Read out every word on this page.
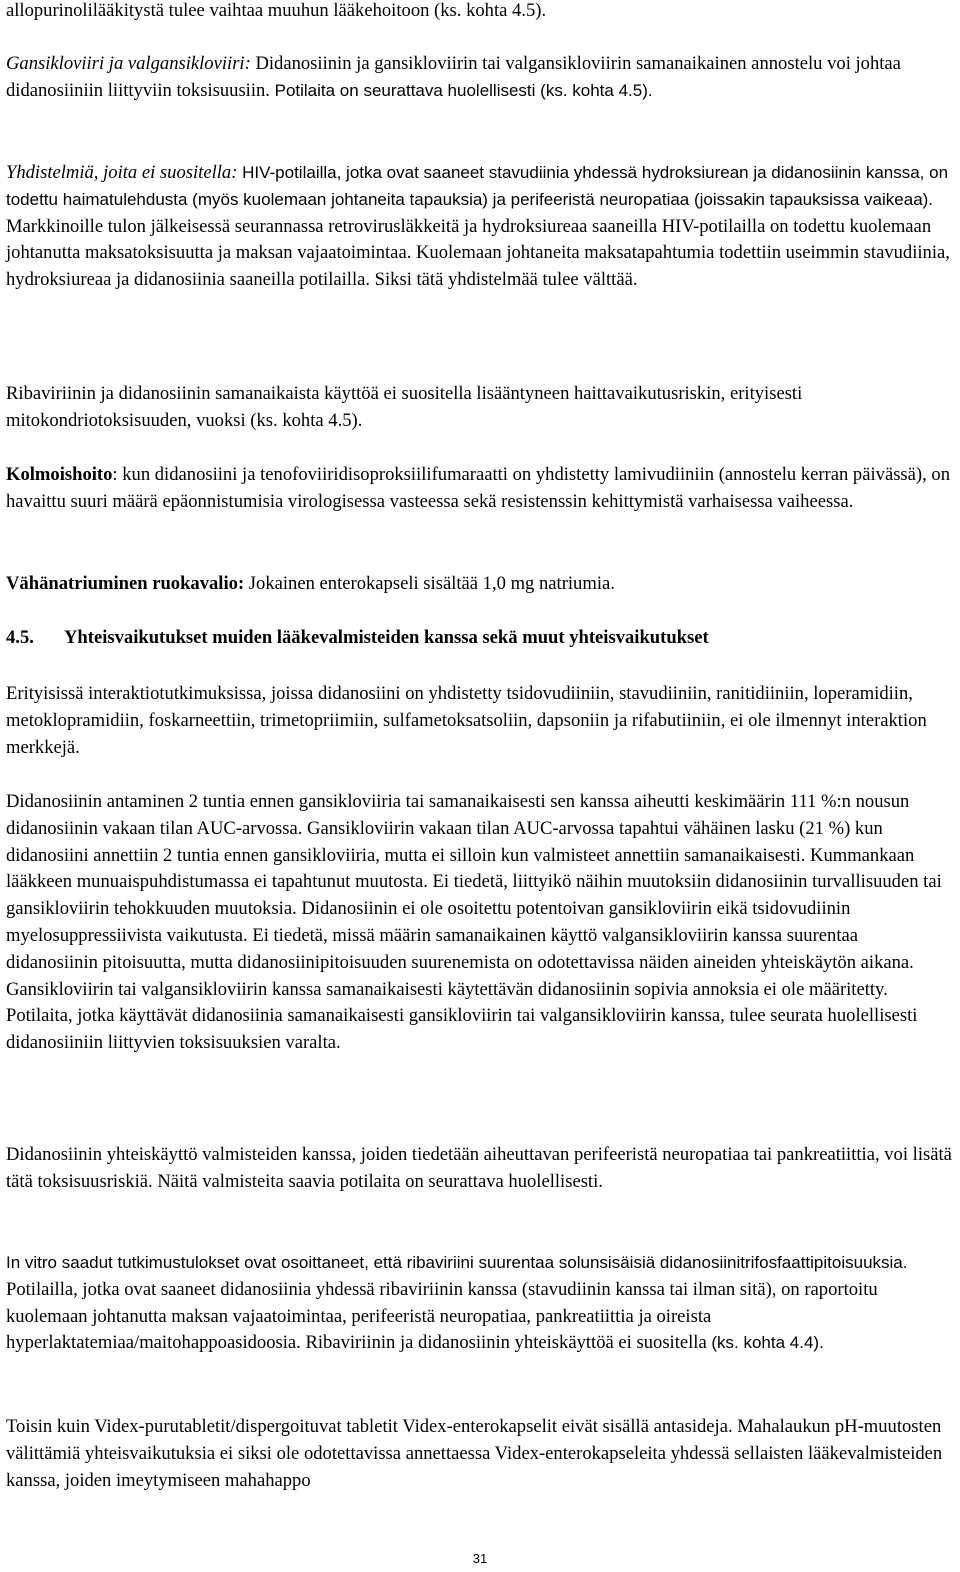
allopurinolilääkitystä tulee vaihtaa muuhun lääkehoitoon (ks. kohta 4.5).

Gansikloviiri ja valgansikloviiri: Didanosiinin ja gansikloviirin tai valgansikloviirin samanaikainen annostelu voi johtaa didanosiiniin liittyviin toksisuusiin. Potilaita on seurattava huolellisesti (ks. kohta 4.5).

Yhdistelmiä, joita ei suositella: HIV-potilailla, jotka ovat saaneet stavudiinia yhdessä hydroksiurean ja didanosiinin kanssa, on todettu haimatulehdusta (myös kuolemaan johtaneita tapauksia) ja perifeeristä neuropatiaa (joissakin tapauksissa vaikeaa). Markkinoille tulon jälkeisessä seurannassa retrovirusläkkeitä ja hydroksiureaa saaneilla HIV-potilailla on todettu kuolemaan johtanutta maksatoksisuutta ja maksan vajaatoimintaa. Kuolemaan johtaneita maksatapahtumia todettiin useimmin stavudiinia, hydroksiureaa ja didanosiinia saaneilla potilailla. Siksi tätä yhdistelmää tulee välttää.

Ribaviriinin ja didanosiinin samanaikaista käyttöä ei suositella lisääntyneen haittavaikutusriskin, erityisesti mitokondriotoksisuuden, vuoksi (ks. kohta 4.5).

Kolmoishoito: kun didanosiini ja tenofoviiridisoproksiilifumaraatti on yhdistetty lamivudiiniin (annostelu kerran päivässä), on havaittu suuri määrä epäonnistumisia virologisessa vasteessa sekä resistenssin kehittymistä varhaisessa vaiheessa.

Vähänatriuminen ruokavalio: Jokainen enterokapseli sisältää 1,0 mg natriumia.

4.5. Yhteisvaikutukset muiden lääkevalmisteiden kanssa sekä muut yhteisvaikutukset

Erityisissä interaktiotutkimuksissa, joissa didanosiini on yhdistetty tsidovudiiniin, stavudiiniin, ranitidiiniin, loperamidiin, metoklopramidiin, foskarneettiin, trimetopriimiin, sulfametoksatsoliin, dapsoniin ja rifabutiiniin, ei ole ilmennyt interaktion merkkejä.

Didanosiinin antaminen 2 tuntia ennen gansikloviiria tai samanaikaisesti sen kanssa aiheutti keskimäärin 111 %:n nousun didanosiinin vakaan tilan AUC-arvossa. Gansikloviirin vakaan tilan AUC-arvossa tapahtui vähäinen lasku (21 %) kun didanosiini annettiin 2 tuntia ennen gansikloviiria, mutta ei silloin kun valmisteet annettiin samanaikaisesti. Kummankaan lääkkeen munuaispuhdistumassa ei tapahtunut muutosta. Ei tiedetä, liittyikö näihin muutoksiin didanosiinin turvallisuuden tai gansikloviirin tehokkuuden muutoksia. Didanosiinin ei ole osoitettu potentoivan gansikloviirin eikä tsidovudiinin myelosuppressiivista vaikutusta. Ei tiedetä, missä määrin samanaikainen käyttö valgansikloviirin kanssa suurentaa didanosiinin pitoisuutta, mutta didanosiinipitoisuuden suurenemista on odotettavissa näiden aineiden yhteiskäytön aikana. Gansikloviirin tai valgansikloviirin kanssa samanaikaisesti käytettävän didanosiinin sopivia annoksia ei ole määritetty. Potilaita, jotka käyttävät didanosiinia samanaikaisesti gansikloviirin tai valgansikloviirin kanssa, tulee seurata huolellisesti didanosiiniin liittyvien toksisuuksien varalta.

Didanosiinin yhteiskäyttö valmisteiden kanssa, joiden tiedetään aiheuttavan perifeeristä neuropatiaa tai pankreatiittia, voi lisätä tätä toksisuusriskiä. Näitä valmisteita saavia potilaita on seurattava huolellisesti.

In vitro saadut tutkimustulokset ovat osoittaneet, että ribaviriini suurentaa solunsisäisiä didanosiinitrifosfaattipitoisuuksia. Potilailla, jotka ovat saaneet didanosiinia yhdessä ribaviriinin kanssa (stavudiinin kanssa tai ilman sitä), on raportoitu kuolemaan johtanutta maksan vajaatoimintaa, perifeeristä neuropatiaa, pankreatiittia ja oireista hyperlaktatemiaa/maitohappoasidoosia. Ribaviriinin ja didanosiinin yhteiskäyttöä ei suositella (ks. kohta 4.4).

Toisin kuin Videx-purutabletit/dispergoituvat tabletit Videx-enterokapselit eivät sisällä antasideja. Mahalaukun pH-muutosten välittämiä yhteisvaikutuksia ei siksi ole odotettavissa annettaessa Videx-enterokapseleita yhdessä sellaisten lääkevalmisteiden kanssa, joiden imeytymiseen mahahappo

31
